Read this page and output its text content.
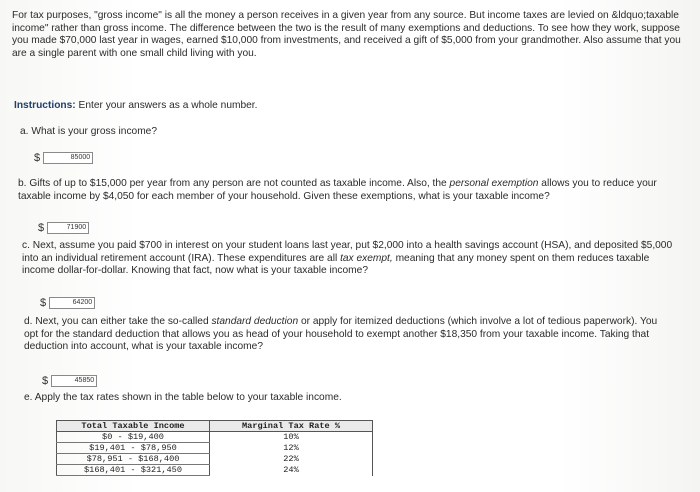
For tax purposes, "gross income" is all the money a person receives in a given year from any source. But income taxes are levied on &ldquo;taxable income" rather than gross income. The difference between the two is the result of many exemptions and deductions. To see how they work, suppose you made $70,000 last year in wages, earned $10,000 from investments, and received a gift of $5,000 from your grandmother. Also assume that you are a single parent with one small child living with you.
Instructions: Enter your answers as a whole number.
a. What is your gross income?
$	85000
b. Gifts of up to $15,000 per year from any person are not counted as taxable income. Also, the personal exemption allows you to reduce your taxable income by $4,050 for each member of your household. Given these exemptions, what is your taxable income?
$	71900
c. Next, assume you paid $700 in interest on your student loans last year, put $2,000 into a health savings account (HSA), and deposited $5,000 into an individual retirement account (IRA). These expenditures are all tax exempt, meaning that any money spent on them reduces taxable income dollar-for-dollar. Knowing that fact, now what is your taxable income?
$	64200
d. Next, you can either take the so-called standard deduction or apply for itemized deductions (which involve a lot of tedious paperwork). You opt for the standard deduction that allows you as head of your household to exempt another $18,350 from your taxable income. Taking that deduction into account, what is your taxable income?
$	45850
e. Apply the tax rates shown in the table below to your taxable income.
Total Taxable Income	Marginal Tax Rate %
$0 - $19,400	10%
$19,401 - $78,950	12%
$78,951 - $168,400	22%
$168,401 - $321,450	24%
